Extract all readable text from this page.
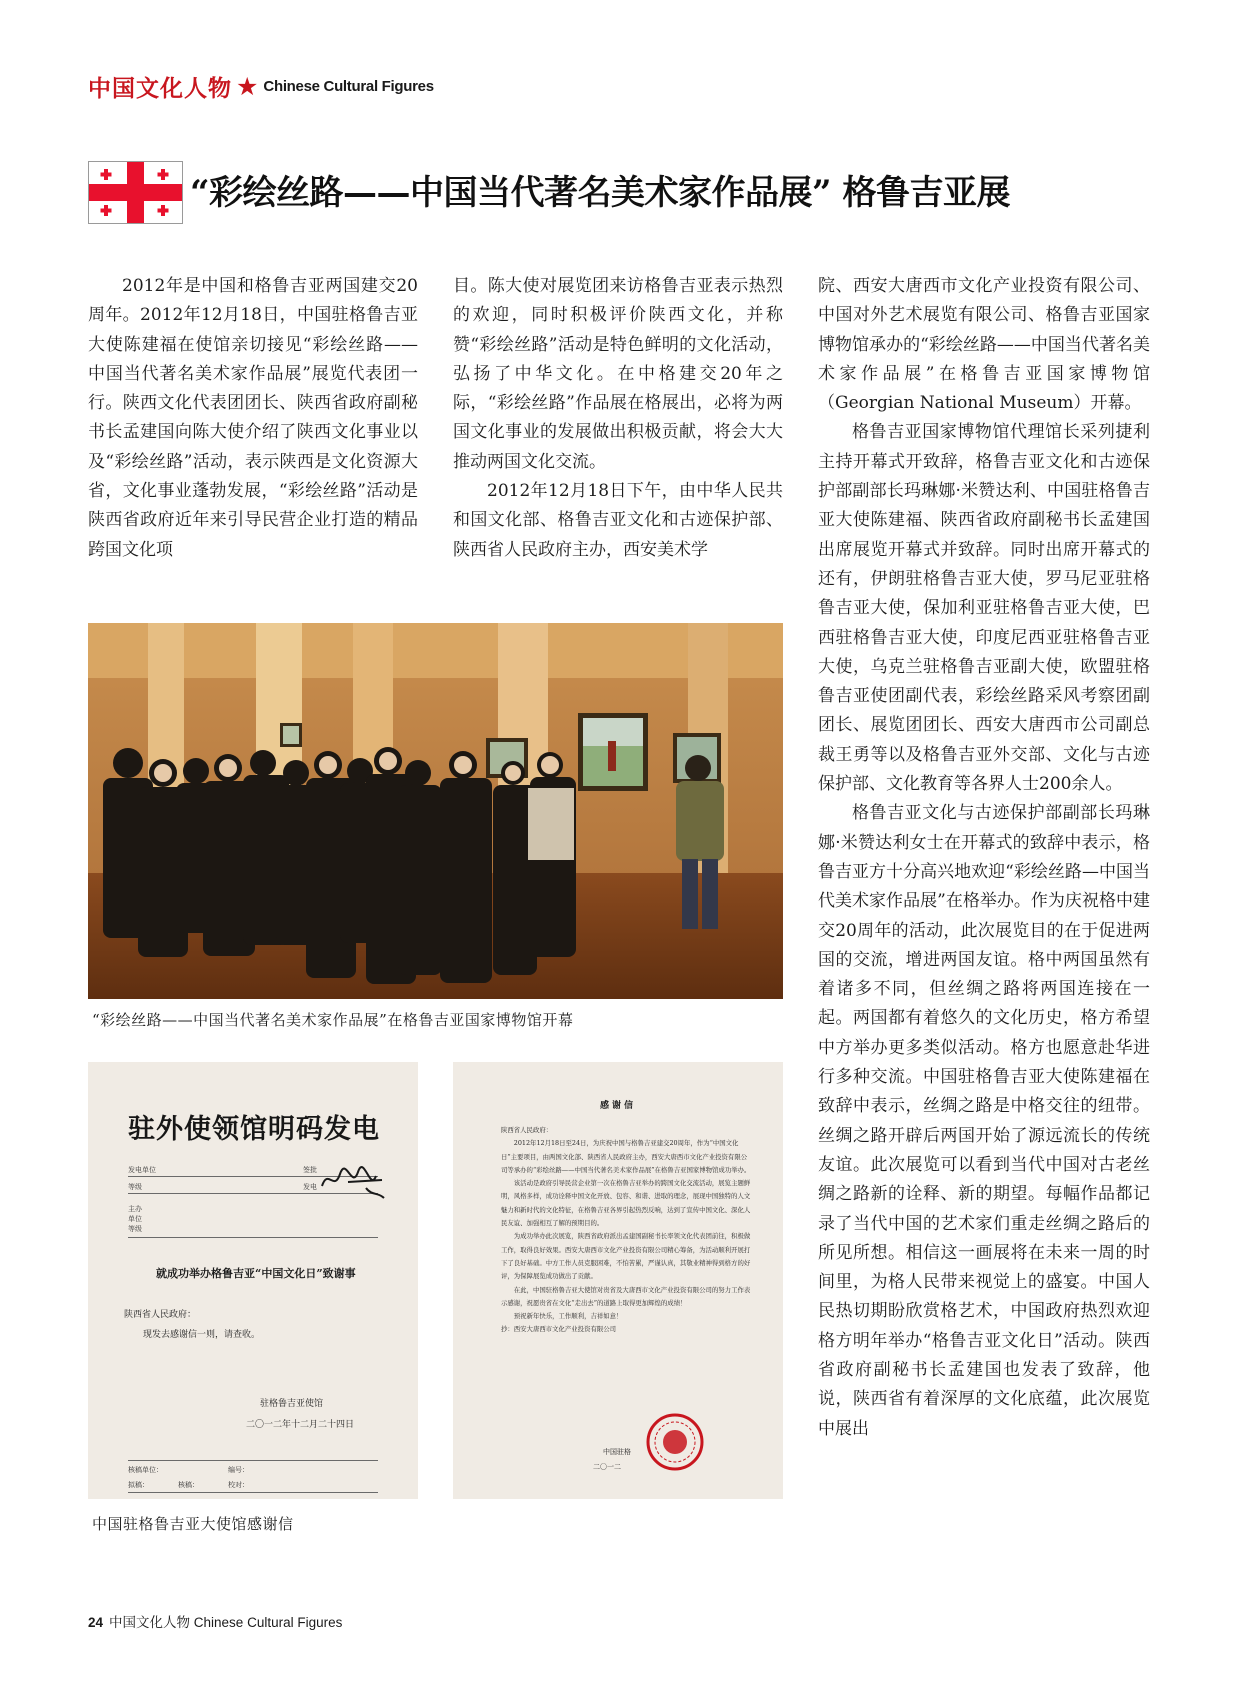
中国文化人物 ★ Chinese Cultural Figures
“彩绘丝路——中国当代著名美术家作品展” 格鲁吉亚展

2012年是中国和格鲁吉亚两国建交20周年。2012年12月18日，中国驻格鲁吉亚大使陈建福在使馆亲切接见“彩绘丝路——中国当代著名美术家作品展”展览代表团一行。陕西文化代表团团长、陕西省政府副秘书长孟建国向陈大使介绍了陕西文化事业以及“彩绘丝路”活动，表示陕西是文化资源大省，文化事业蓬勃发展，“彩绘丝路”活动是陕西省政府近年来引导民营企业打造的精品跨国文化项

目。陈大使对展览团来访格鲁吉亚表示热烈的欢迎，同时积极评价陕西文化，并称赞“彩绘丝路”活动是特色鲜明的文化活动，弘扬了中华文化。在中格建交20年之际，“彩绘丝路”作品展在格展出，必将为两国文化事业的发展做出积极贡献，将会大大推动两国文化交流。

2012年12月18日下午，由中华人民共和国文化部、格鲁吉亚文化和古迹保护部、陕西省人民政府主办，西安美术学

院、西安大唐西市文化产业投资有限公司、中国对外艺术展览有限公司、格鲁吉亚国家博物馆承办的“彩绘丝路——中国当代著名美术家作品展”在格鲁吉亚国家博物馆（Georgian National Museum）开幕。

格鲁吉亚国家博物馆代理馆长采列捷利主持开幕式开致辞，格鲁吉亚文化和古迹保护部副部长玛琳娜·米赞达利、中国驻格鲁吉亚大使陈建福、陕西省政府副秘书长孟建国出席展览开幕式并致辞。同时出席开幕式的还有，伊朗驻格鲁吉亚大使，罗马尼亚驻格鲁吉亚大使，保加利亚驻格鲁吉亚大使，巴西驻格鲁吉亚大使，印度尼西亚驻格鲁吉亚大使，乌克兰驻格鲁吉亚副大使，欧盟驻格鲁吉亚使团副代表，彩绘丝路采风考察团副团长、展览团团长、西安大唐西市公司副总裁王勇等以及格鲁吉亚外交部、文化与古迹保护部、文化教育等各界人士200余人。

格鲁吉亚文化与古迹保护部副部长玛琳娜·米赞达利女士在开幕式的致辞中表示，格鲁吉亚方十分高兴地欢迎“彩绘丝路—中国当代美术家作品展”在格举办。作为庆祝格中建交20周年的活动，此次展览目的在于促进两国的交流，增进两国友谊。格中两国虽然有着诸多不同，但丝绸之路将两国连接在一起。两国都有着悠久的文化历史，格方希望中方举办更多类似活动。格方也愿意赴华进行多种交流。中国驻格鲁吉亚大使陈建福在致辞中表示，丝绸之路是中格交往的纽带。丝绸之路开辟后两国开始了源远流长的传统友谊。此次展览可以看到当代中国对古老丝绸之路新的诠释、新的期望。每幅作品都记录了当代中国的艺术家们重走丝绸之路后的所见所想。相信这一画展将在未来一周的时间里，为格人民带来视觉上的盛宴。中国人民热切期盼欣赏格艺术，中国政府热烈欢迎格方明年举办“格鲁吉亚文化日”活动。陕西省政府副秘书长孟建国也发表了致辞，他说，陕西省有着深厚的文化底蕴，此次展览中展出

“彩绘丝路——中国当代著名美术家作品展”在格鲁吉亚国家博物馆开幕
驻外使领馆明码发电
发电单位	签批
等级	发电
主办
单位
等级
就成功举办格鲁吉亚“中国文化日”致谢事
陕西省人民政府：
现发去感谢信一则，请查收。
驻格鲁吉亚使馆
二〇一二年十二月二十四日
核稿单位：	编号：
拟稿：	核稿：	校对：
感谢信

陕西省人民政府：

2012年12月18日至24日，为庆祝中国与格鲁吉亚建交20周年，作为“中国文化日”主要项目，由两国文化部、陕西省人民政府主办，西安大唐西市文化产业投资有限公司等承办的“彩绘丝路——中国当代著名美术家作品展”在格鲁吉亚国家博物馆成功举办。

该活动是政府引导民营企业第一次在格鲁吉亚举办的跨国文化交流活动，展览主题鲜明，风格多样，成功诠释中国文化开放、包容、和谐、进取的理念，展现中国独特的人文魅力和新时代的文化特征，在格鲁吉亚各界引起热烈反响，达到了宣传中国文化、深化人民友谊、加强相互了解的预期目的。

为成功举办此次展览，陕西省政府派出孟建国副秘书长率领文化代表团前往，积极做工作，取得良好效果。西安大唐西市文化产业投资有限公司精心筹备，为活动顺利开展打下了良好基础。中方工作人员克服困难，不怕苦累，严谨认真，其敬业精神得到格方的好评，为保障展览成功做出了贡献。

在此，中国驻格鲁吉亚大使馆对贵省及大唐西市文化产业投资有限公司的努力工作表示感谢，祝愿贵省在文化“走出去”的道路上取得更加辉煌的成绩！

预祝新年快乐，工作顺利，吉祥如意！

抄：西安大唐西市文化产业投资有限公司

中国驻格
二〇一二
中国驻格鲁吉亚大使馆感谢信
24 中国文化人物 Chinese Cultural Figures
